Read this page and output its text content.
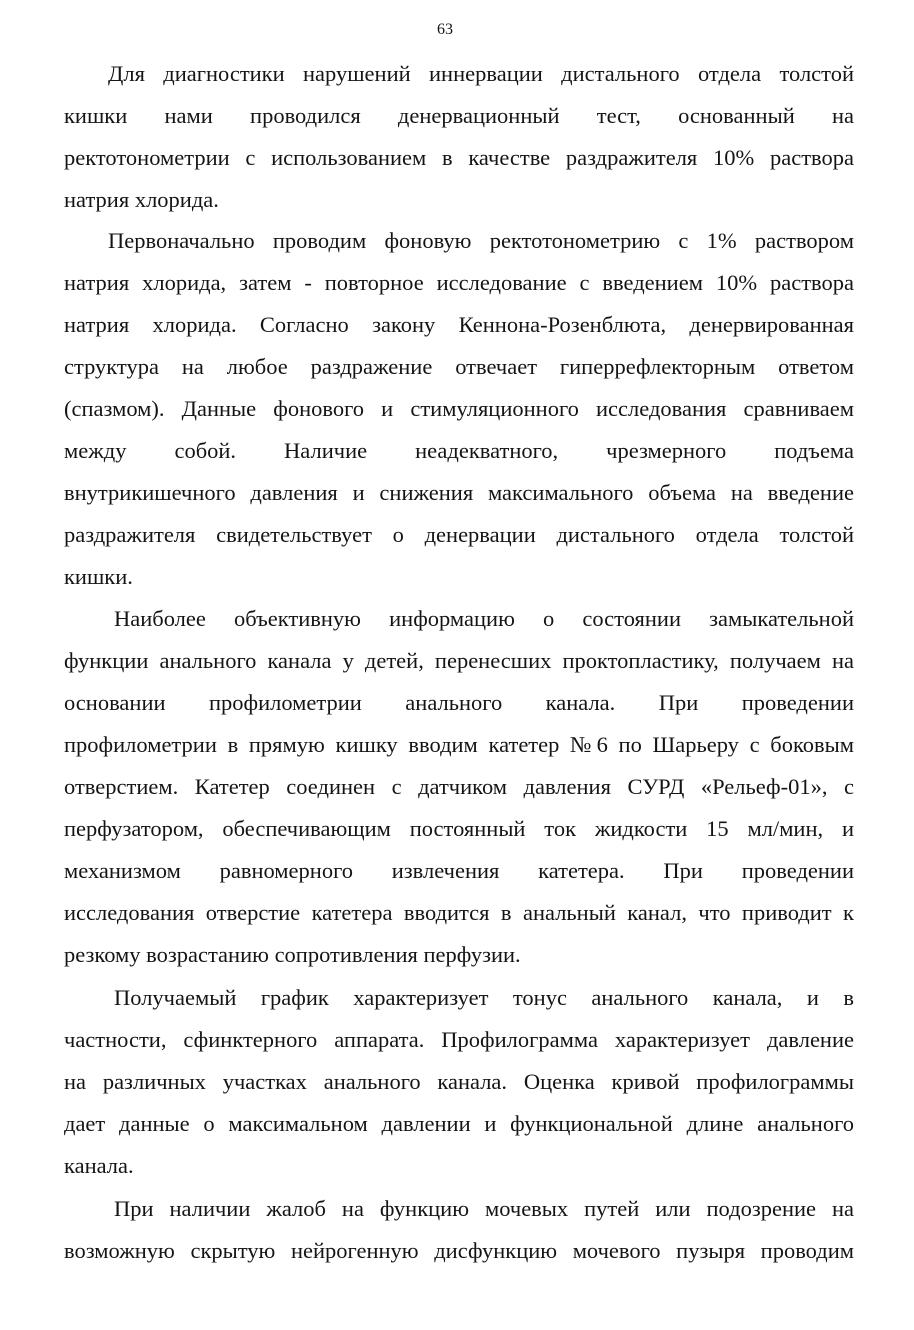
63
Для диагностики нарушений иннервации дистального отдела толстой
кишки нами проводился денервационный тест, основанный на
ректотонометрии с использованием в качестве раздражителя 10% раствора
натрия хлорида.
Первоначально проводим фоновую ректотонометрию с 1% раствором
натрия хлорида, затем - повторное исследование с введением 10% раствора
натрия хлорида. Согласно закону Кеннона-Розенблюта, денервированная
структура на любое раздражение отвечает гиперрефлекторным ответом
(спазмом). Данные фонового и стимуляционного исследования сравниваем
между собой. Наличие неадекватного, чрезмерного подъема
внутрикишечного давления и снижения максимального объема на введение
раздражителя свидетельствует о денервации дистального отдела толстой
кишки.
Наиболее объективную информацию о состоянии замыкательной
функции анального канала у детей, перенесших проктопластику, получаем на
основании профилометрии анального канала. При проведении
профилометрии в прямую кишку вводим катетер №6 по Шарьеру с боковым
отверстием. Катетер соединен с датчиком давления СУРД «Рельеф-01», с
перфузатором, обеспечивающим постоянный ток жидкости 15 мл/мин, и
механизмом равномерного извлечения катетера. При проведении
исследования отверстие катетера вводится в анальный канал, что приводит к
резкому возрастанию сопротивления перфузии.
Получаемый график характеризует тонус анального канала, и в
частности, сфинктерного аппарата. Профилограмма характеризует давление
на различных участках анального канала. Оценка кривой профилограммы
дает данные о максимальном давлении и функциональной длине анального
канала.
При наличии жалоб на функцию мочевых путей или подозрение на
возможную скрытую нейрогенную дисфункцию мочевого пузыря проводим
